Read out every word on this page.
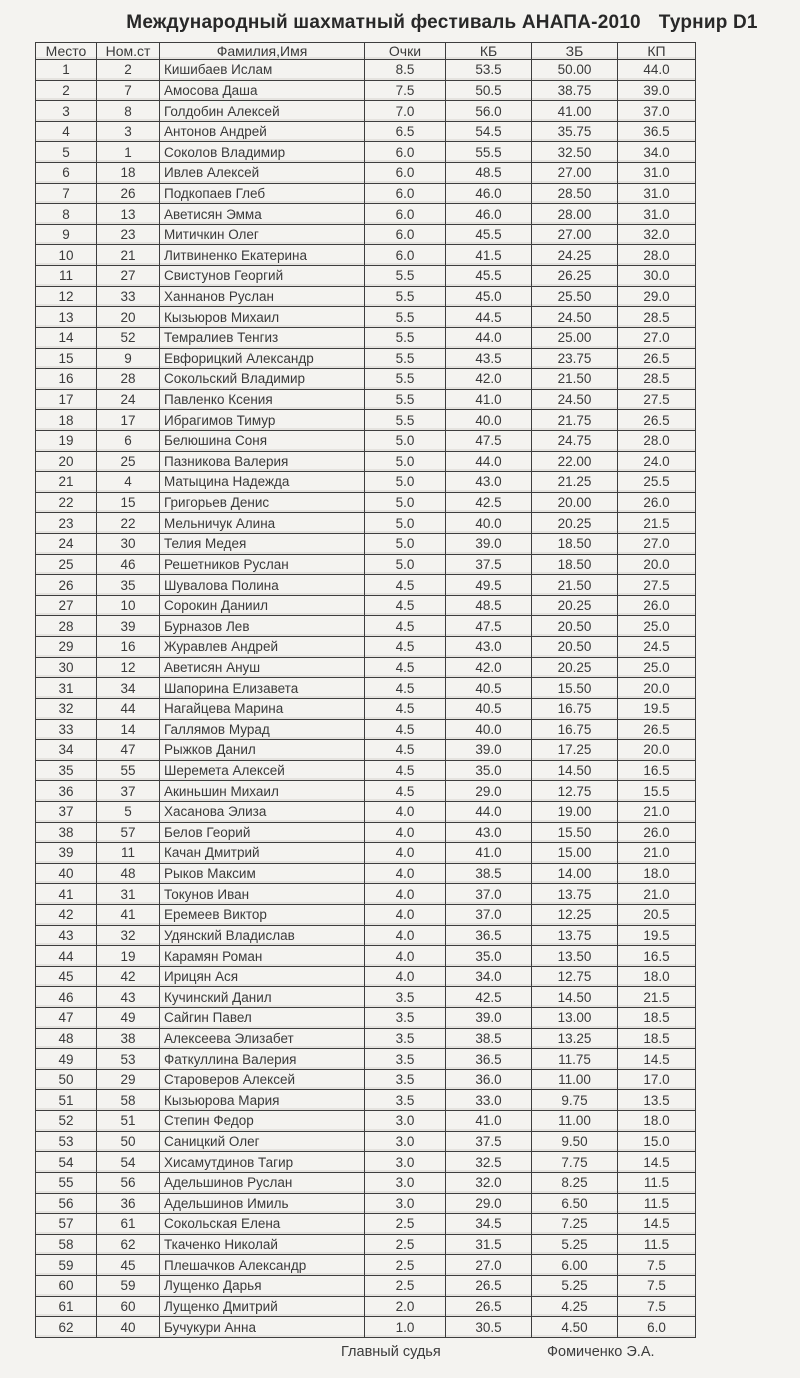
Международный шахматный фестиваль АНАПА-2010 Турнир D1
Место	Ном.ст	Фамилия,Имя	Очки	КБ	ЗБ	КП
1	2	Кишибаев Ислам	8.5	53.5	50.00	44.0
2	7	Амосова Даша	7.5	50.5	38.75	39.0
3	8	Голдобин Алексей	7.0	56.0	41.00	37.0
4	3	Антонов Андрей	6.5	54.5	35.75	36.5
5	1	Соколов Владимир	6.0	55.5	32.50	34.0
6	18	Ивлев Алексей	6.0	48.5	27.00	31.0
7	26	Подкопаев Глеб	6.0	46.0	28.50	31.0
8	13	Аветисян Эмма	6.0	46.0	28.00	31.0
9	23	Митичкин Олег	6.0	45.5	27.00	32.0
10	21	Литвиненко Екатерина	6.0	41.5	24.25	28.0
11	27	Свистунов Георгий	5.5	45.5	26.25	30.0
12	33	Ханнанов Руслан	5.5	45.0	25.50	29.0
13	20	Кызьюров Михаил	5.5	44.5	24.50	28.5
14	52	Темралиев Тенгиз	5.5	44.0	25.00	27.0
15	9	Евфорицкий Александр	5.5	43.5	23.75	26.5
16	28	Сокольский Владимир	5.5	42.0	21.50	28.5
17	24	Павленко Ксения	5.5	41.0	24.50	27.5
18	17	Ибрагимов Тимур	5.5	40.0	21.75	26.5
19	6	Белюшина Соня	5.0	47.5	24.75	28.0
20	25	Пазникова Валерия	5.0	44.0	22.00	24.0
21	4	Матыцина Надежда	5.0	43.0	21.25	25.5
22	15	Григорьев Денис	5.0	42.5	20.00	26.0
23	22	Мельничук Алина	5.0	40.0	20.25	21.5
24	30	Телия Медея	5.0	39.0	18.50	27.0
25	46	Решетников Руслан	5.0	37.5	18.50	20.0
26	35	Шувалова Полина	4.5	49.5	21.50	27.5
27	10	Сорокин Даниил	4.5	48.5	20.25	26.0
28	39	Бурназов Лев	4.5	47.5	20.50	25.0
29	16	Журавлев Андрей	4.5	43.0	20.50	24.5
30	12	Аветисян Ануш	4.5	42.0	20.25	25.0
31	34	Шапорина Елизавета	4.5	40.5	15.50	20.0
32	44	Нагайцева Марина	4.5	40.5	16.75	19.5
33	14	Галлямов Мурад	4.5	40.0	16.75	26.5
34	47	Рыжков Данил	4.5	39.0	17.25	20.0
35	55	Шеремета Алексей	4.5	35.0	14.50	16.5
36	37	Акиньшин Михаил	4.5	29.0	12.75	15.5
37	5	Хасанова Элиза	4.0	44.0	19.00	21.0
38	57	Белов Георий	4.0	43.0	15.50	26.0
39	11	Качан Дмитрий	4.0	41.0	15.00	21.0
40	48	Рыков Максим	4.0	38.5	14.00	18.0
41	31	Токунов Иван	4.0	37.0	13.75	21.0
42	41	Еремеев Виктор	4.0	37.0	12.25	20.5
43	32	Удянский Владислав	4.0	36.5	13.75	19.5
44	19	Карамян Роман	4.0	35.0	13.50	16.5
45	42	Ирицян Ася	4.0	34.0	12.75	18.0
46	43	Кучинский Данил	3.5	42.5	14.50	21.5
47	49	Сайгин Павел	3.5	39.0	13.00	18.5
48	38	Алексеева Элизабет	3.5	38.5	13.25	18.5
49	53	Фаткуллина Валерия	3.5	36.5	11.75	14.5
50	29	Староверов Алексей	3.5	36.0	11.00	17.0
51	58	Кызьюрова Мария	3.5	33.0	9.75	13.5
52	51	Степин Федор	3.0	41.0	11.00	18.0
53	50	Саницкий Олег	3.0	37.5	9.50	15.0
54	54	Хисамутдинов Тагир	3.0	32.5	7.75	14.5
55	56	Адельшинов Руслан	3.0	32.0	8.25	11.5
56	36	Адельшинов Имиль	3.0	29.0	6.50	11.5
57	61	Сокольская Елена	2.5	34.5	7.25	14.5
58	62	Ткаченко Николай	2.5	31.5	5.25	11.5
59	45	Плешачков Александр	2.5	27.0	6.00	7.5
60	59	Лущенко Дарья	2.5	26.5	5.25	7.5
61	60	Лущенко Дмитрий	2.0	26.5	4.25	7.5
62	40	Бучукури Анна	1.0	30.5	4.50	6.0
Главный судья	Фомиченко Э.А.
